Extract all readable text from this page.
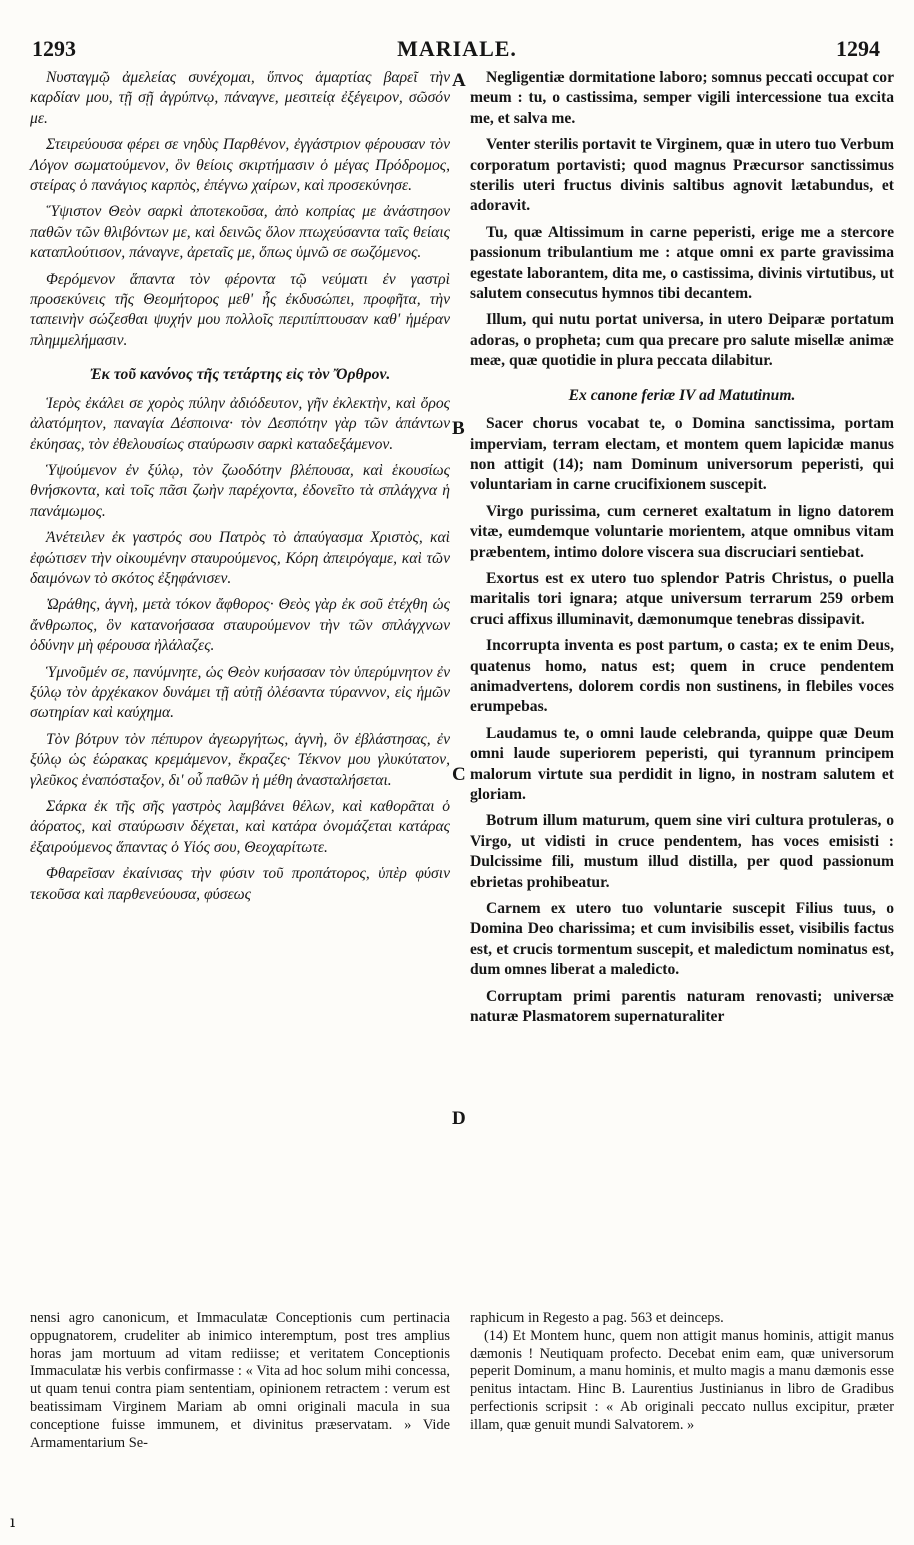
1293	MARIALE.	1294

Νυσταγμῷ ἀμελείας συνέχομαι, ὕπνος ἁμαρτίας βαρεῖ τὴν καρδίαν μου, τῇ σῇ ἀγρύπνῳ, πάναγνε, μεσιτείᾳ ἐξέγειρον, σῶσόν με.

Στειρεύουσα φέρει σε νηδὺς Παρθένον, ἐγγάστριον φέρουσαν τὸν Λόγον σωματούμενον, ὃν θείοις σκιρτήμασιν ὁ μέγας Πρόδρομος, στείρας ὁ πανάγιος καρπὸς, ἐπέγνω χαίρων, καὶ προσεκύνησε.

Ὕψιστον Θεὸν σαρκὶ ἀποτεκοῦσα, ἀπὸ κοπρίας με ἀνάστησον παθῶν τῶν θλιβόντων με, καὶ δεινῶς ὅλον πτωχεύσαντα ταῖς θείαις καταπλούτισον, πάναγνε, ἀρεταῖς με, ὅπως ὑμνῶ σε σωζόμενος.

Φερόμενον ἅπαντα τὸν φέροντα τῷ νεύματι ἐν γαστρὶ προσεκύνεις τῆς Θεομήτορος μεθ' ἧς ἐκδυσώπει, προφῆτα, τὴν ταπεινὴν σώζεσθαι ψυχήν μου πολλοῖς περιπίπτουσαν καθ' ἡμέραν πλημμελήμασιν.

Ἐκ τοῦ κανόνος τῆς τετάρτης εἰς τὸν Ὄρθρον.

Ἱερὸς ἐκάλει σε χορὸς πύλην ἀδιόδευτον, γῆν ἐκλεκτὴν, καὶ ὄρος ἀλατόμητον, παναγία Δέσποινα· τὸν Δεσπότην γὰρ τῶν ἁπάντων ἐκύησας, τὸν ἐθελουσίως σταύρωσιν σαρκὶ καταδεξάμενον.

Ὑψούμενον ἐν ξύλῳ, τὸν ζωοδότην βλέπουσα, καὶ ἑκουσίως θνήσκοντα, καὶ τοῖς πᾶσι ζωὴν παρέχοντα, ἐδονεῖτο τὰ σπλάγχνα ἡ πανάμωμος.

Ἀνέτειλεν ἐκ γαστρός σου Πατρὸς τὸ ἀπαύγασμα Χριστὸς, καὶ ἐφώτισεν τὴν οἰκουμένην σταυρούμενος, Κόρη ἀπειρόγαμε, καὶ τῶν δαιμόνων τὸ σκότος ἐξηφάνισεν.

Ὠράθης, ἁγνὴ, μετὰ τόκον ἄφθορος· Θεὸς γὰρ ἐκ σοῦ ἐτέχθη ὡς ἄνθρωπος, ὃν κατανοήσασα σταυρούμενον τὴν τῶν σπλάγχνων ὀδύνην μὴ φέρουσα ἠλάλαζες.

Ὑμνοῦμέν σε, πανύμνητε, ὡς Θεὸν κυήσασαν τὸν ὑπερύμνητον ἐν ξύλῳ τὸν ἀρχέκακον δυνάμει τῇ αὐτῇ ὀλέσαντα τύραννον, εἰς ἡμῶν σωτηρίαν καὶ καύχημα.

Τὸν βότρυν τὸν πέπυρον ἀγεωργήτως, ἁγνὴ, ὃν ἐβλάστησας, ἐν ξύλῳ ὡς ἑώρακας κρεμάμενον, ἔκραζες· Τέκνον μου γλυκύτατον, γλεῦκος ἐναπόσταξον, δι' οὗ παθῶν ἡ μέθη ἀνασταλήσεται.

Σάρκα ἐκ τῆς σῆς γαστρὸς λαμβάνει θέλων, καὶ καθορᾶται ὁ ἀόρατος, καὶ σταύρωσιν δέχεται, καὶ κατάρα ὀνομάζεται κατάρας ἐξαιρούμενος ἅπαντας ὁ Υἱός σου, Θεοχαρίτωτε.

Φθαρεῖσαν ἐκαίνισας τὴν φύσιν τοῦ προπάτορος, ὑπὲρ φύσιν τεκοῦσα καὶ παρθενεύουσα, φύσεως

Negligentiæ dormitatione laboro; somnus peccati occupat cor meum : tu, o castissima, semper vigili intercessione tua excita me, et salva me.

Venter sterilis portavit te Virginem, quæ in utero tuo Verbum corporatum portavisti; quod magnus Præcursor sanctissimus sterilis uteri fructus divinis saltibus agnovit lætabundus, et adoravit.

Tu, quæ Altissimum in carne peperisti, erige me a stercore passionum tribulantium me : atque omni ex parte gravissima egestate laborantem, dita me, o castissima, divinis virtutibus, ut salutem consecutus hymnos tibi decantem.

Illum, qui nutu portat universa, in utero Deiparæ portatum adoras, o propheta; cum qua precare pro salute misellæ animæ meæ, quæ quotidie in plura peccata dilabitur.

Ex canone feriæ IV ad Matutinum.

Sacer chorus vocabat te, o Domina sanctissima, portam imperviam, terram electam, et montem quem lapicidæ manus non attigit (14); nam Dominum universorum peperisti, qui voluntariam in carne crucifixionem suscepit.

Virgo purissima, cum cerneret exaltatum in ligno datorem vitæ, eumdemque voluntarie morientem, atque omnibus vitam præbentem, intimo dolore viscera sua discruciari sentiebat.

Exortus est ex utero tuo splendor Patris Christus, o puella maritalis tori ignara; atque universum terrarum 259 orbem cruci affixus illuminavit, dæmonumque tenebras dissipavit.

Incorrupta inventa es post partum, o casta; ex te enim Deus, quatenus homo, natus est; quem in cruce pendentem animadvertens, dolorem cordis non sustinens, in flebiles voces erumpebas.

Laudamus te, o omni laude celebranda, quippe quæ Deum omni laude superiorem peperisti, qui tyrannum principem malorum virtute sua perdidit in ligno, in nostram salutem et gloriam.

Botrum illum maturum, quem sine viri cultura protuleras, o Virgo, ut vidisti in cruce pendentem, has voces emisisti : Dulcissime fili, mustum illud distilla, per quod passionum ebrietas prohibeatur.

Carnem ex utero tuo voluntarie suscepit Filius tuus, o Domina Deo charissima; et cum invisibilis esset, visibilis factus est, et crucis tormentum suscepit, et maledictum nominatus est, dum omnes liberat a maledicto.

Corruptam primi parentis naturam renovasti; universæ naturæ Plasmatorem supernaturaliter

A
B
C
D

nensi agro canonicum, et Immaculatæ Conceptionis cum pertinacia oppugnatorem, crudeliter ab inimico interemptum, post tres amplius horas jam mortuum ad vitam rediisse; et veritatem Conceptionis Immaculatæ his verbis confirmasse : « Vita ad hoc solum mihi concessa, ut quam tenui contra piam sententiam, opinionem retractem : verum est beatissimam Virginem Mariam ab omni originali macula in sua conceptione fuisse immunem, et divinitus præservatam. » Vide Armamentarium Se-

raphicum in Regesto a pag. 563 et deinceps.

(14) Et Montem hunc, quem non attigit manus hominis, attigit manus dæmonis ! Neutiquam profecto. Decebat enim eam, quæ universorum peperit Dominum, a manu hominis, et multo magis a manu dæmonis esse penitus intactam. Hinc B. Laurentius Justinianus in libro de Gradibus perfectionis scripsit : « Ab originali peccato nullus excipitur, præter illam, quæ genuit mundi Salvatorem. »

ı
